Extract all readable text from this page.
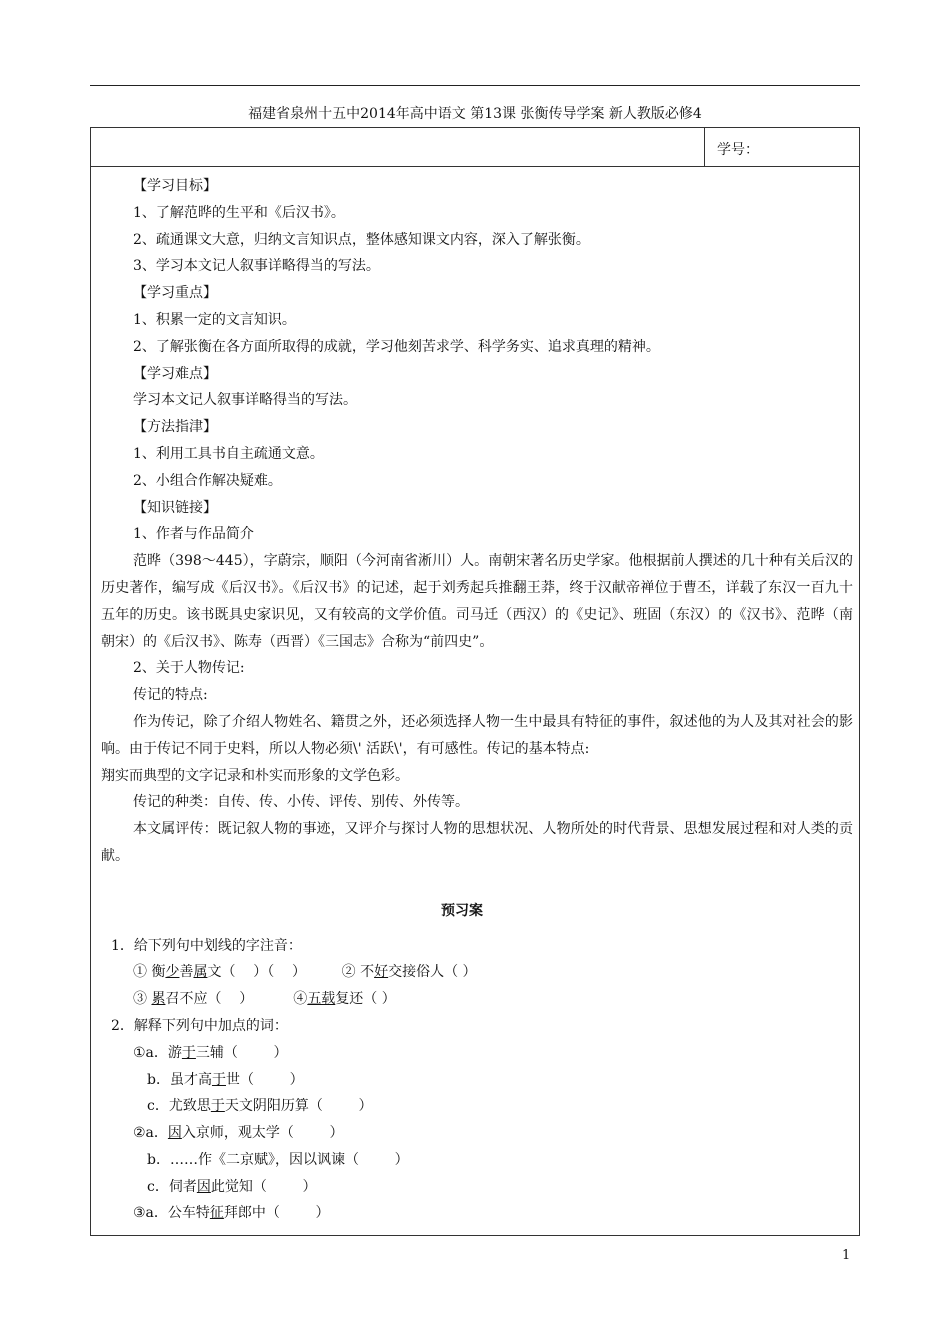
福建省泉州十五中2014年高中语文 第13课 张衡传导学案 新人教版必修4
学号：
【学习目标】
1、了解范晔的生平和《后汉书》。
2、疏通课文大意，归纳文言知识点，整体感知课文内容，深入了解张衡。
3、学习本文记人叙事详略得当的写法。
【学习重点】
1、积累一定的文言知识。
2、了解张衡在各方面所取得的成就，学习他刻苦求学、科学务实、追求真理的精神。
【学习难点】
学习本文记人叙事详略得当的写法。
【方法指津】
1、利用工具书自主疏通文意。
2、小组合作解决疑难。
【知识链接】
1、作者与作品简介
范晔（398～445），字蔚宗，顺阳（今河南省淅川）人。南朝宋著名历史学家。他根据前人撰述的几十种有关后汉的历史著作，编写成《后汉书》。《后汉书》的记述，起于刘秀起兵推翻王莽，终于汉献帝禅位于曹丕，详载了东汉一百九十五年的历史。该书既具史家识见，又有较高的文学价值。司马迁（西汉）的《史记》、班固（东汉）的《汉书》、范晔（南朝宋）的《后汉书》、陈寿（西晋）《三国志》合称为“前四史”。
2、关于人物传记:
传记的特点:
作为传记，除了介绍人物姓名、籍贯之外，还必须选择人物一生中最具有特征的事件，叙述他的为人及其对社会的影响。由于传记不同于史料，所以人物必须\' 活跃\'，有可感性。传记的基本特点:
翔实而典型的文字记录和朴实而形象的文学色彩。
传记的种类：自传、传、小传、评传、别传、外传等。
本文属评传：既记叙人物的事迹，又评介与探讨人物的思想状况、人物所处的时代背景、思想发展过程和对人类的贡献。
预习案
1．给下列句中划线的字注音：
① 衡少善属文（    ）（    ）        ② 不好交接俗人（ ）
③ 累召不应（    ）         ④五载复还（ ）
2．解释下列句中加点的词：
①a．游于三辅（        ）
b．虽才高于世（        ）
c．尤致思于天文阴阳历算（        ）
②a．因入京师，观太学（        ）
b．……作《二京赋》，因以讽谏（        ）
c．伺者因此觉知（        ）
③a．公车特征拜郎中（        ）
1
